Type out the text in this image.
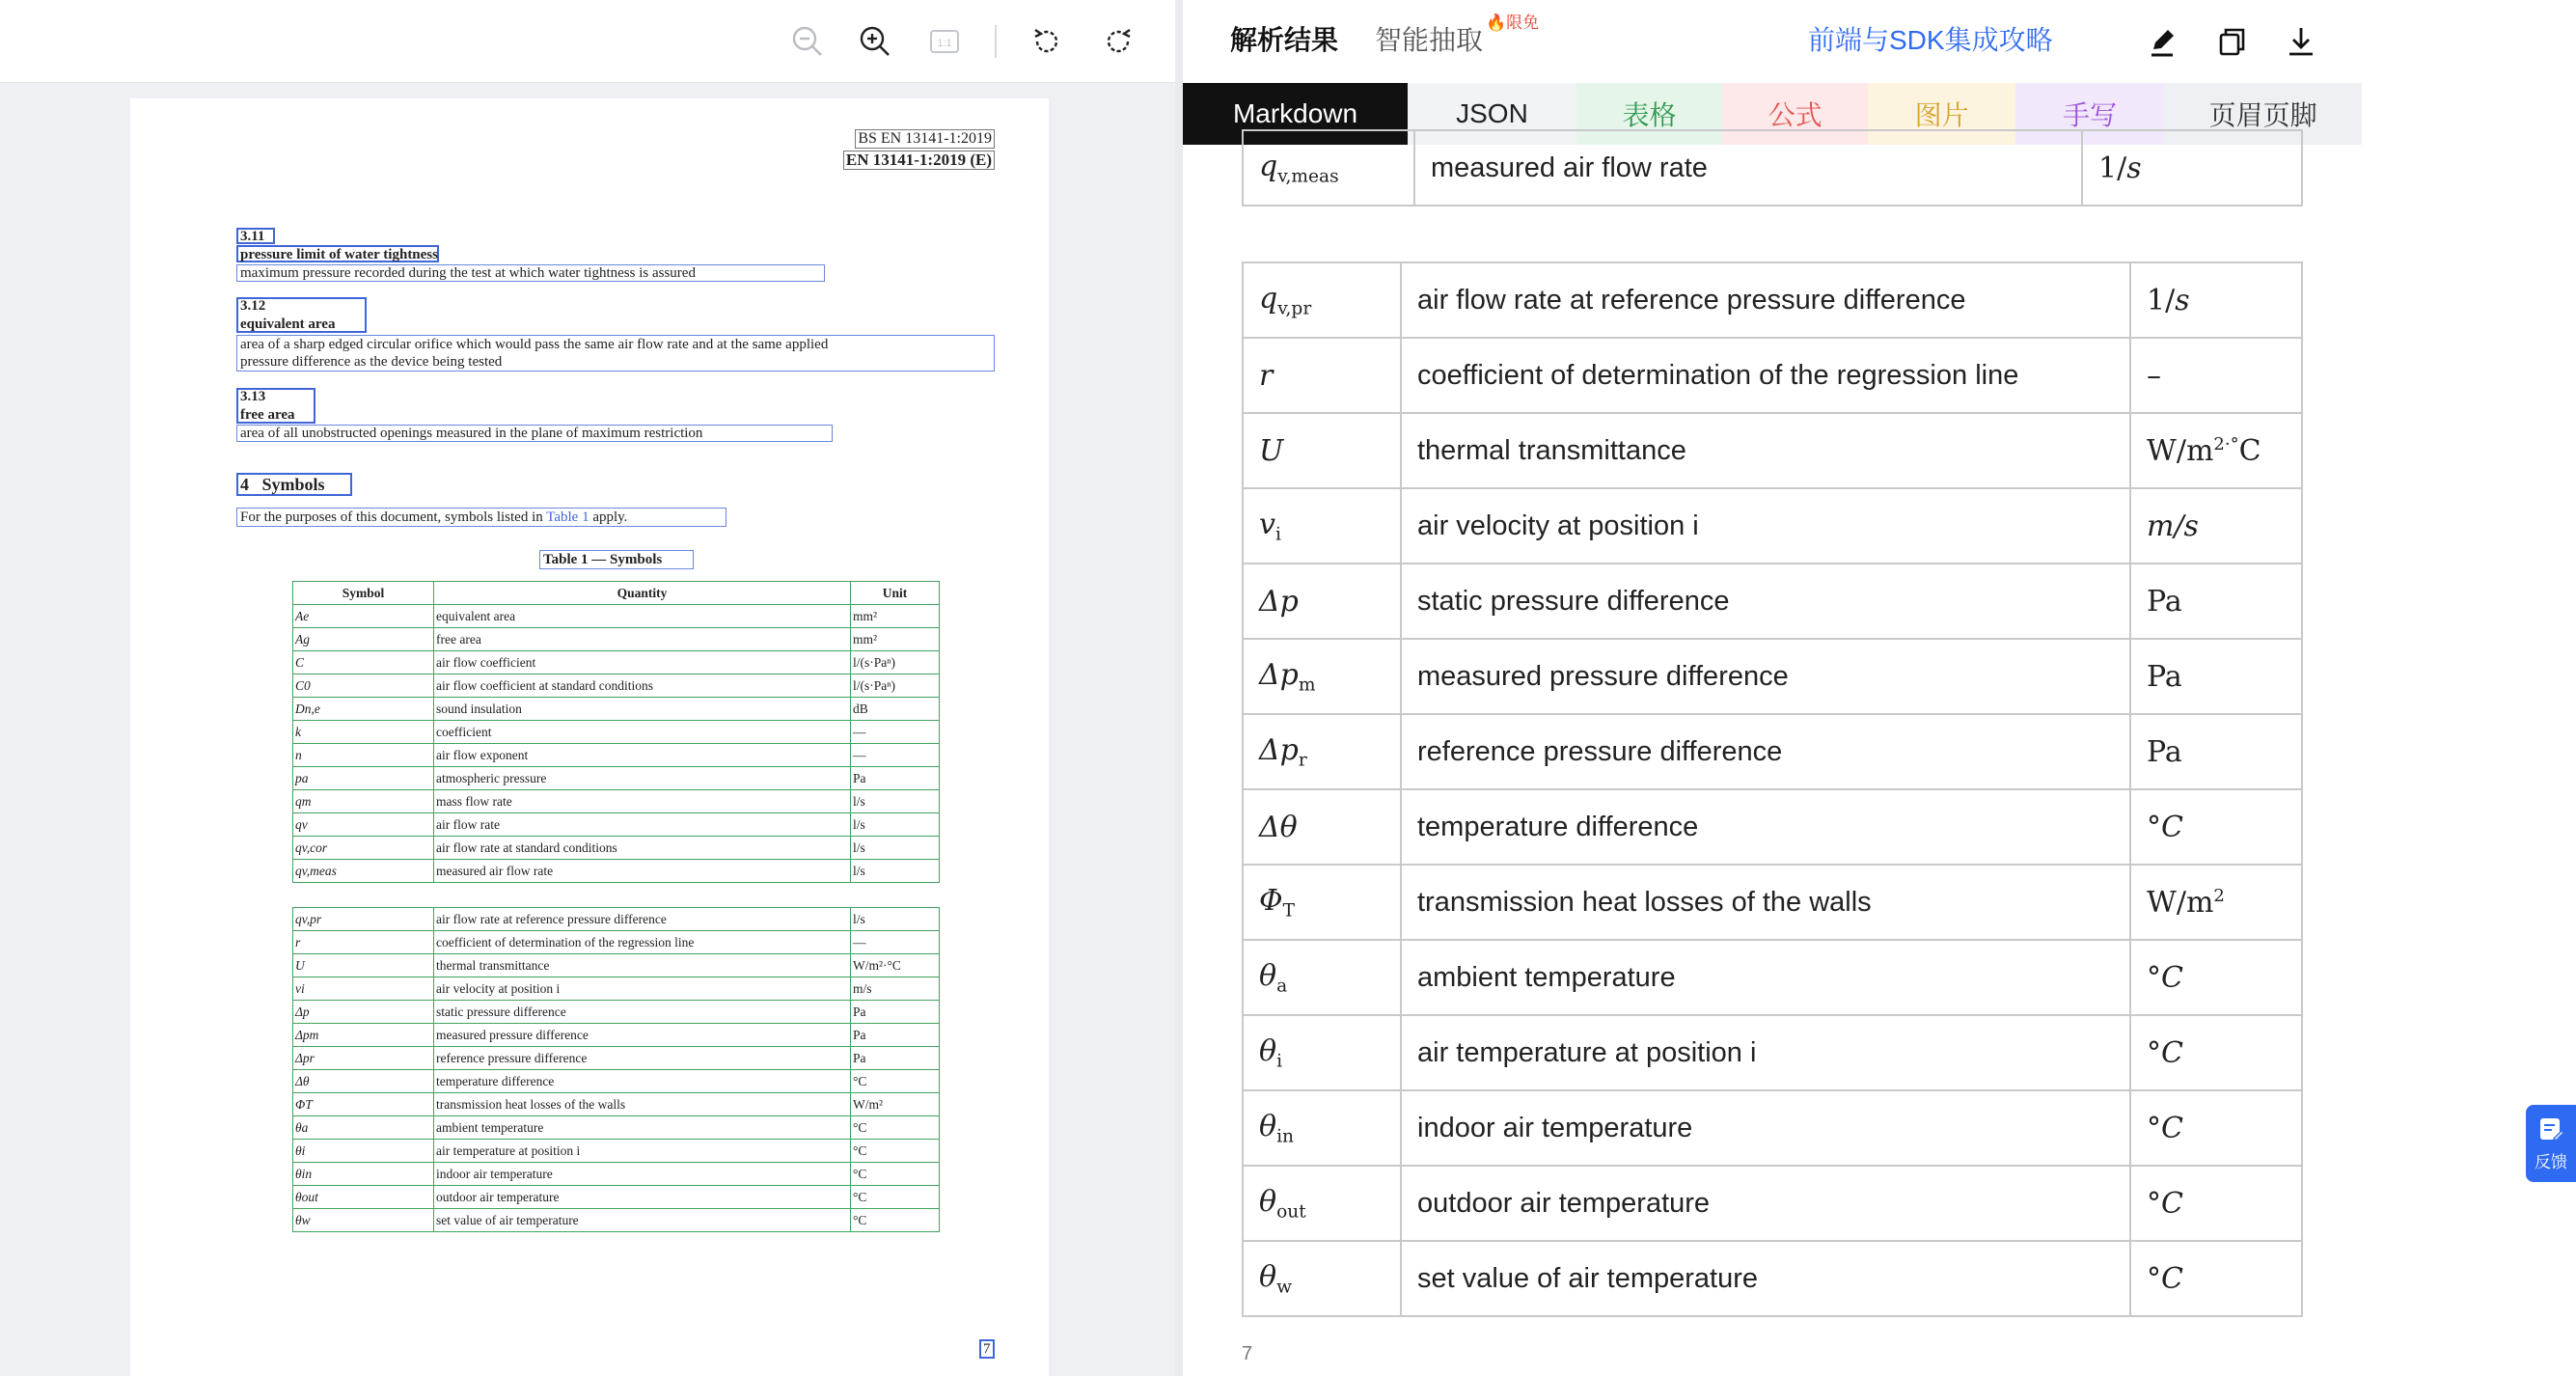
1:1
BS EN 13141-1:2019
EN 13141-1:2019 (E)
3.11
pressure limit of water tightness
maximum pressure recorded during the test at which water tightness is assured
3.12
equivalent area
area of a sharp edged circular orifice which would pass the same air flow rate and at the same applied
pressure difference as the device being tested
3.13
free area
area of all unobstructed openings measured in the plane of maximum restriction
4   Symbols
For the purposes of this document, symbols listed in Table 1 apply.
Table 1 — Symbols
Symbol	Quantity	Unit
Ae	equivalent area	mm²
Ag	free area	mm²
C	air flow coefficient	l/(s·Paⁿ)
C0	air flow coefficient at standard conditions	l/(s·Paⁿ)
Dn,e	sound insulation	dB
k	coefficient	—
n	air flow exponent	—
pa	atmospheric pressure	Pa
qm	mass flow rate	l/s
qv	air flow rate	l/s
qv,cor	air flow rate at standard conditions	l/s
qv,meas	measured air flow rate	l/s
qv,pr	air flow rate at reference pressure difference	l/s
r	coefficient of determination of the regression line	—
U	thermal transmittance	W/m²·°C
vi	air velocity at position i	m/s
Δp	static pressure difference	Pa
Δpm	measured pressure difference	Pa
Δpr	reference pressure difference	Pa
Δθ	temperature difference	°C
ΦT	transmission heat losses of the walls	W/m²
θa	ambient temperature	°C
θi	air temperature at position i	°C
θin	indoor air temperature	°C
θout	outdoor air temperature	°C
θw	set value of air temperature	°C
7
解析结果 智能抽取
🔥限免
前端与SDK集成攻略
Markdown	JSON	表格	公式	图片	手写	页眉页脚
$q_{v,meas}$	measured air flow rate	1/s
$q_{v,pr}$	air flow rate at reference pressure difference	1/s
r	coefficient of determination of the regression line	–
U	thermal transmittance	$W/m^{2\cdot^\circ}C$
$v_i$	air velocity at position i	m/s
Δp	static pressure difference	Pa
$\Delta p_m$	measured pressure difference	Pa
$\Delta p_r$	reference pressure difference	Pa
Δθ	temperature difference	°C
$\Phi_T$	transmission heat losses of the walls	$W/m^2$
$\theta_a$	ambient temperature	°C
$\theta_i$	air temperature at position i	°C
$\theta_{in}$	indoor air temperature	°C
$\theta_{out}$	outdoor air temperature	°C
$\theta_w$	set value of air temperature	°C
7
反馈
